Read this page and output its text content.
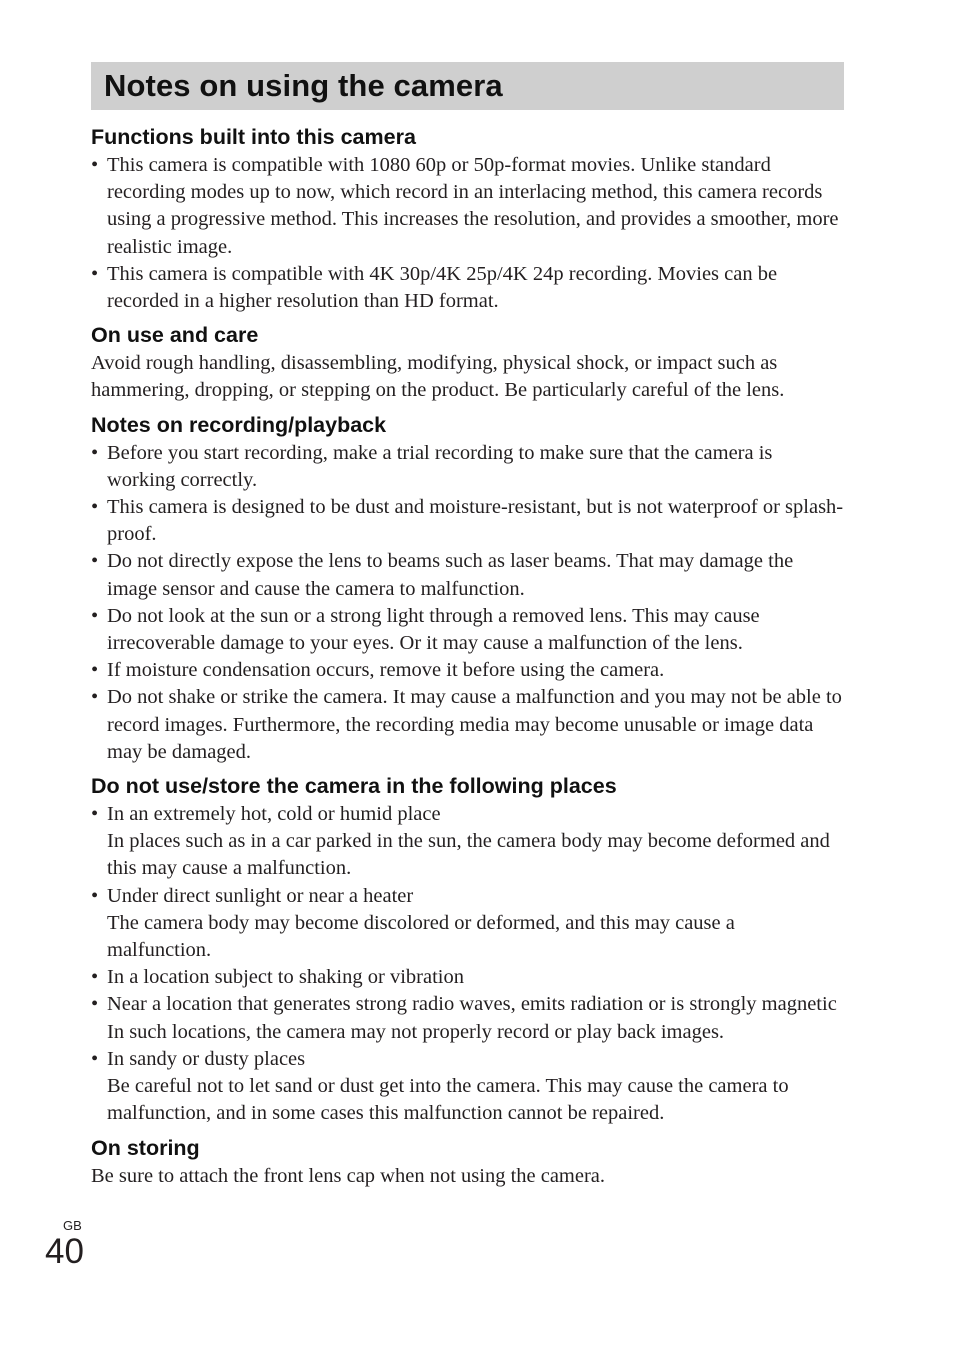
Notes on using the camera
Functions built into this camera
• This camera is compatible with 1080 60p or 50p-format movies. Unlike standard recording modes up to now, which record in an interlacing method, this camera records using a progressive method. This increases the resolution, and provides a smoother, more realistic image.
• This camera is compatible with 4K 30p/4K 25p/4K 24p recording. Movies can be recorded in a higher resolution than HD format.
On use and care

Avoid rough handling, disassembling, modifying, physical shock, or impact such as hammering, dropping, or stepping on the product. Be particularly careful of the lens.

Notes on recording/playback
• Before you start recording, make a trial recording to make sure that the camera is working correctly.
• This camera is designed to be dust and moisture-resistant, but is not waterproof or splash-proof.
• Do not directly expose the lens to beams such as laser beams. That may damage the image sensor and cause the camera to malfunction.
• Do not look at the sun or a strong light through a removed lens. This may cause irrecoverable damage to your eyes. Or it may cause a malfunction of the lens.
• If moisture condensation occurs, remove it before using the camera.
• Do not shake or strike the camera. It may cause a malfunction and you may not be able to record images. Furthermore, the recording media may become unusable or image data may be damaged.
Do not use/store the camera in the following places
• In an extremely hot, cold or humid place
In places such as in a car parked in the sun, the camera body may become deformed and this may cause a malfunction.
• Under direct sunlight or near a heater
The camera body may become discolored or deformed, and this may cause a malfunction.
• In a location subject to shaking or vibration
• Near a location that generates strong radio waves, emits radiation or is strongly magnetic
In such locations, the camera may not properly record or play back images.
• In sandy or dusty places
Be careful not to let sand or dust get into the camera. This may cause the camera to malfunction, and in some cases this malfunction cannot be repaired.
On storing

Be sure to attach the front lens cap when not using the camera.

GB
40
